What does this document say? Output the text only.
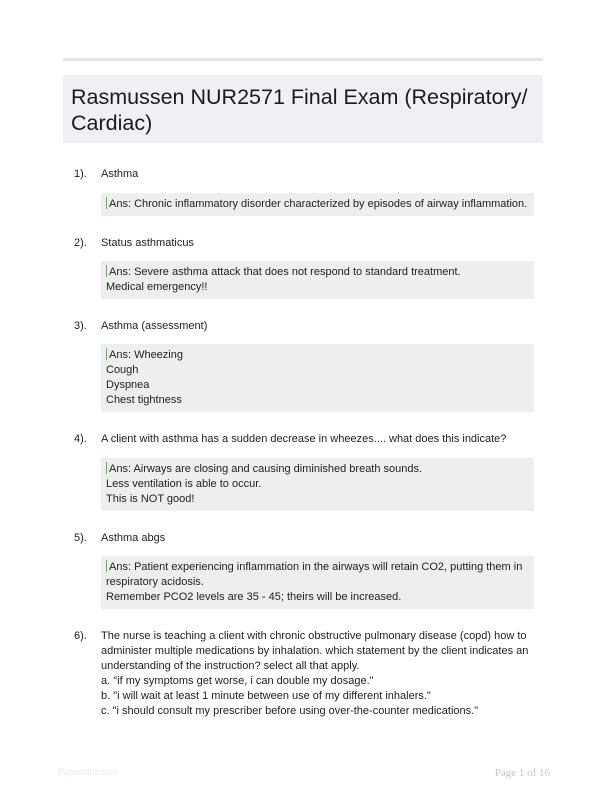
Rasmussen NUR2571 Final Exam (Respiratory/ Cardiac)
1).	Asthma
Ans: Chronic inflammatory disorder characterized by episodes of airway inflammation.
2).	Status asthmaticus
Ans: Severe asthma attack that does not respond to standard treatment.
Medical emergency!!
3).	Asthma (assessment)
Ans: Wheezing
Cough
Dyspnea
Chest tightness
4).	A client with asthma has a sudden decrease in wheezes.... what does this indicate?
Ans: Airways are closing and causing diminished breath sounds.
Less ventilation is able to occur.
This is NOT good!
5).	Asthma abgs
Ans: Patient experiencing inflammation in the airways will retain CO2, putting them in
respiratory acidosis.
Remember PCO2 levels are 35 - 45; theirs will be increased.
6).	The nurse is teaching a client with chronic obstructive pulmonary disease (copd) how to administer multiple medications by inhalation. which statement by the client indicates an understanding of the instruction? select all that apply.
a. "if my symptoms get worse, i can double my dosage."
b. "i will wait at least 1 minute between use of my different inhalers."
c. "i should consult my prescriber before using over-the-counter medications."
Paperhtbc.com	Page 1 of 16
